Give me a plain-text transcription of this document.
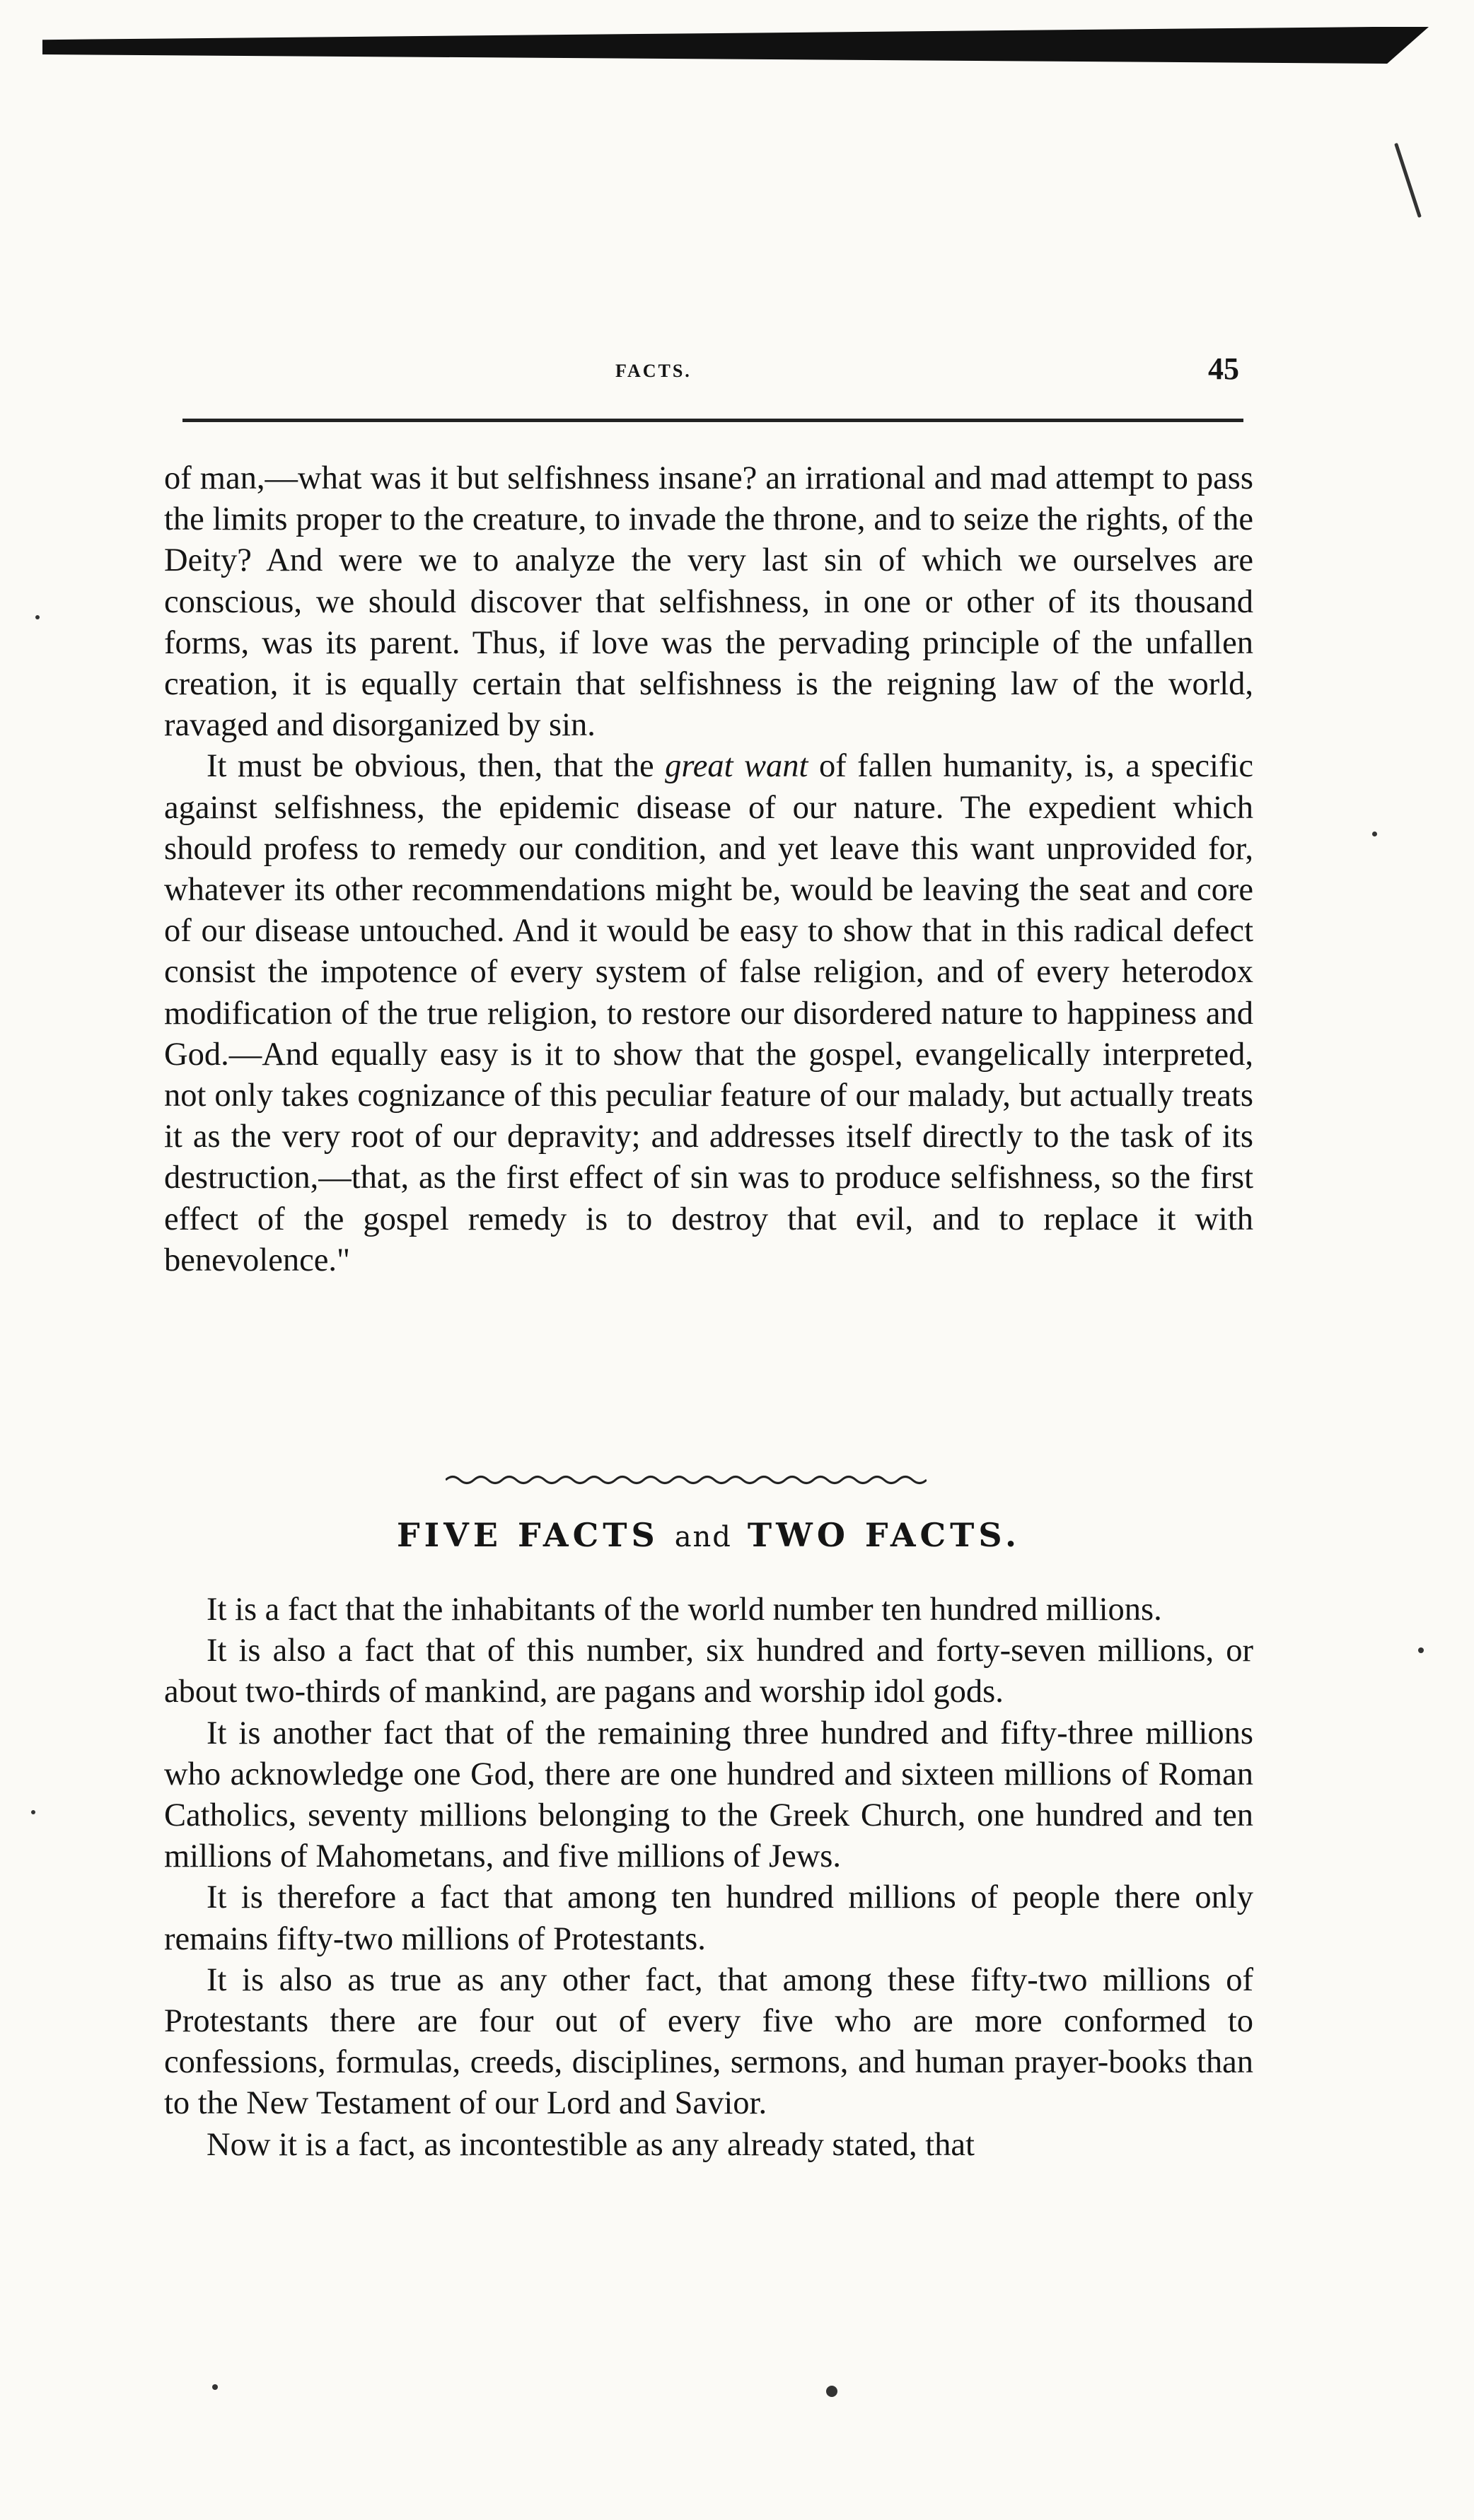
FACTS.	45

of man,—what was it but selfishness insane? an irrational and mad attempt to pass the limits proper to the creature, to invade the throne, and to seize the rights, of the Deity? And were we to analyze the very last sin of which we ourselves are conscious, we should discover that selfishness, in one or other of its thousand forms, was its parent. Thus, if love was the pervading principle of the unfallen creation, it is equally certain that selfishness is the reigning law of the world, ravaged and disorganized by sin.

It must be obvious, then, that the great want of fallen humanity, is, a specific against selfishness, the epidemic disease of our nature. The expedient which should profess to remedy our condition, and yet leave this want unprovided for, whatever its other recommendations might be, would be leaving the seat and core of our disease untouched. And it would be easy to show that in this radical defect consist the impotence of every system of false religion, and of every heterodox modification of the true religion, to restore our disordered nature to happiness and God.—And equally easy is it to show that the gospel, evangelically interpreted, not only takes cognizance of this peculiar feature of our malady, but actually treats it as the very root of our depravity; and addresses itself directly to the task of its destruction,—that, as the first effect of sin was to produce selfishness, so the first effect of the gospel remedy is to destroy that evil, and to replace it with benevolence."

FIVE FACTS and TWO FACTS.

It is a fact that the inhabitants of the world number ten hundred millions.

It is also a fact that of this number, six hundred and forty-seven millions, or about two-thirds of mankind, are pagans and worship idol gods.

It is another fact that of the remaining three hundred and fifty-three millions who acknowledge one God, there are one hundred and sixteen millions of Roman Catholics, seventy millions belonging to the Greek Church, one hundred and ten millions of Mahometans, and five millions of Jews.

It is therefore a fact that among ten hundred millions of people there only remains fifty-two millions of Protestants.

It is also as true as any other fact, that among these fifty-two millions of Protestants there are four out of every five who are more conformed to confessions, formulas, creeds, disciplines, sermons, and human prayer-books than to the New Testament of our Lord and Savior.

Now it is a fact, as incontestible as any already stated, that
